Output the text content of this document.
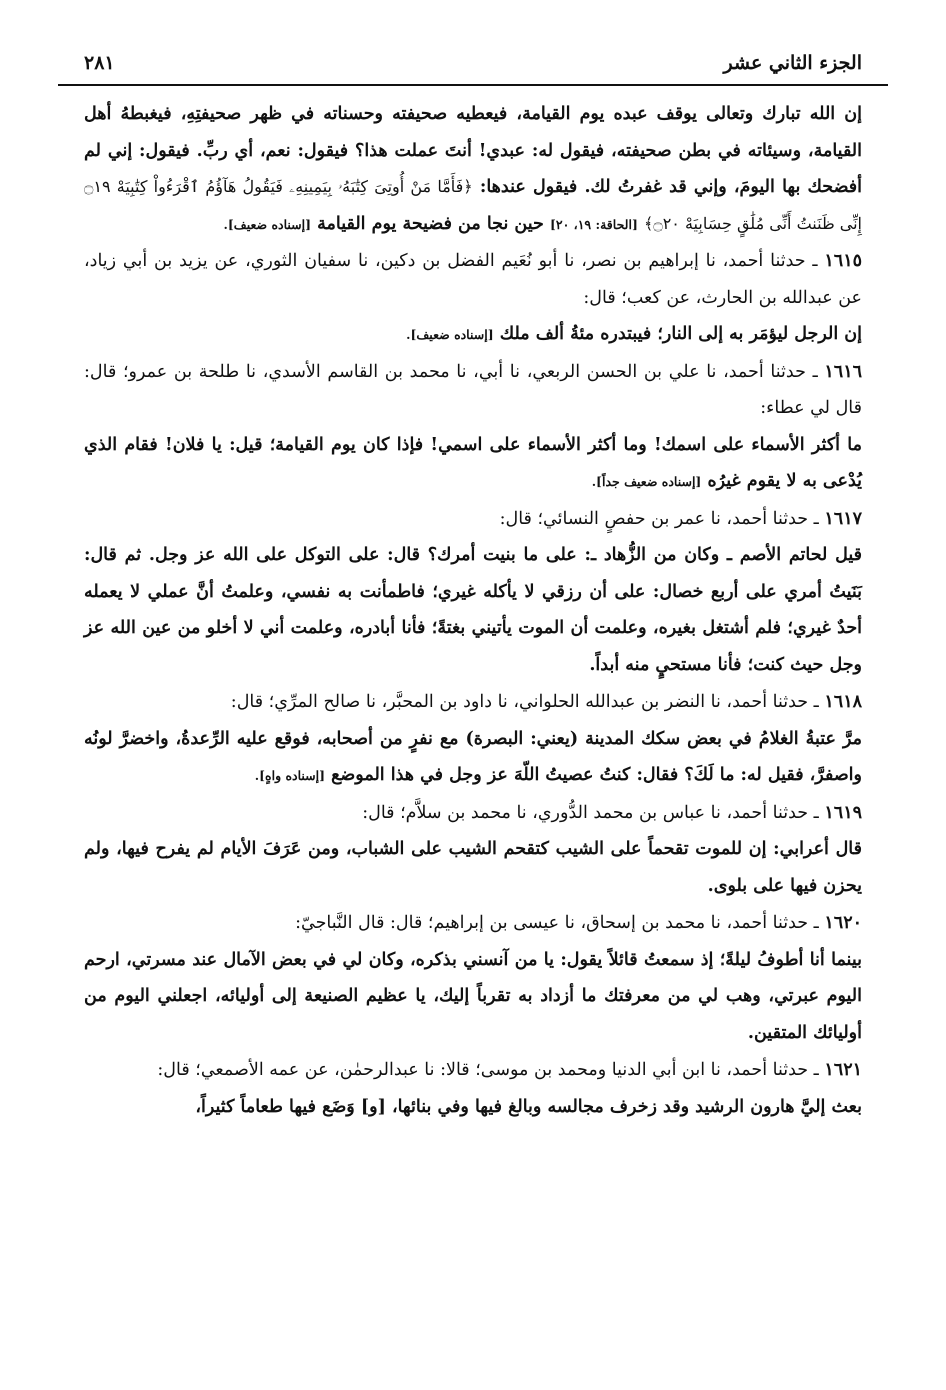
الجزء الثاني عشر
٢٨١

إن الله تبارك وتعالى يوقف عبده يوم القيامة، فيعطيه صحيفته وحسناته في ظهر صحيفتِهِ، فيغبطهُ أهل القيامة، وسيئاته في بطن صحيفته، فيقول له: عبدي! أنتَ عملت هذا؟ فيقول: نعم، أي ربِّ. فيقول: إني لم أفضحك بها اليومَ، وإني قد غفرتُ لك. فيقول عندها: ﴿فَأَمَّا مَنْ أُوتِىَ كِتَٰبَهُۥ بِيَمِينِهِۦ فَيَقُولُ هَآؤُمُ ٱقْرَءُواْ كِتَٰبِيَهْ ۝١٩ إِنِّى ظَنَنتُ أَنِّى مُلَٰقٍ حِسَابِيَهْ ۝٢٠﴾ [الحاقة: ١٩، ٢٠] حين نجا من فضيحة يوم القيامة [إسناده ضعيف].

١٦١٥ ـ حدثنا أحمد، نا إبراهيم بن نصر، نا أبو نُعَيم الفضل بن دكين، نا سفيان الثوري، عن يزيد بن أبي زياد، عن عبدالله بن الحارث، عن كعب؛ قال:

إن الرجل ليؤمَر به إلى النار؛ فيبتدره مئةُ ألف ملك [إسناده ضعيف].

١٦١٦ ـ حدثنا أحمد، نا علي بن الحسن الربعي، نا أبي، نا محمد بن القاسم الأسدي، نا طلحة بن عمرو؛ قال: قال لي عطاء:

ما أكثر الأسماء على اسمك! وما أكثر الأسماء على اسمي! فإذا كان يوم القيامة؛ قيل: يا فلان! فقام الذي يُدْعى به لا يقوم غيرُه [إسناده ضعيف جداً].

١٦١٧ ـ حدثنا أحمد، نا عمر بن حفصٍ النسائي؛ قال:

قيل لحاتم الأصم ـ وكان من الزُّهاد ـ: على ما بنيت أمرك؟ قال: على التوكل على الله عز وجل. ثم قال: بَنَيتُ أمري على أربع خصال: على أن رزقي لا يأكله غيري؛ فاطمأنت به نفسي، وعلمتُ أنَّ عملي لا يعمله أحدٌ غيري؛ فلم أشتغل بغيره، وعلمت أن الموت يأتيني بغتةً؛ فأنا أبادره، وعلمت أني لا أخلو من عين الله عز وجل حيث كنت؛ فأنا مستحيٍ منه أبداً.

١٦١٨ ـ حدثنا أحمد، نا النضر بن عبدالله الحلواني، نا داود بن المحبَّر، نا صالح المرِّي؛ قال:

مرَّ عتبةُ الغلامُ في بعض سكك المدينة (يعني: البصرة) مع نفرٍ من أصحابه، فوقع عليه الرِّعدةُ، واخضرَّ لونُه واصفرَّ، فقيل له: ما لَكَ؟ فقال: كنتُ عصيتُ اللّهَ عز وجل في هذا الموضع [إسناده واهٍ].

١٦١٩ ـ حدثنا أحمد، نا عباس بن محمد الدُّوري، نا محمد بن سلاَّم؛ قال:

قال أعرابي: إن للموت تقحماً على الشيب كتقحم الشيب على الشباب، ومن عَرَفَ الأيام لم يفرح فيها، ولم يحزن فيها على بلوى.

١٦٢٠ ـ حدثنا أحمد، نا محمد بن إسحاق، نا عيسى بن إبراهيم؛ قال: قال النَّباجيّ:

بينما أنا أطوفُ ليلةً؛ إذ سمعتُ قائلاً يقول: يا من آنسني بذكره، وكان لي في بعض الآمال عند مسرتي، ارحم اليوم عبرتي، وهب لي من معرفتك ما أزداد به تقرباً إليك، يا عظيم الصنيعة إلى أوليائه، اجعلني اليوم من أوليائك المتقين.

١٦٢١ ـ حدثنا أحمد، نا ابن أبي الدنيا ومحمد بن موسى؛ قالا: نا عبدالرحمٰن، عن عمه الأصمعي؛ قال:

بعث إليَّ هارون الرشيد وقد زخرف مجالسه وبالغ فيها وفي بنائها، [و] وَضَع فيها طعاماً كثيراً،
